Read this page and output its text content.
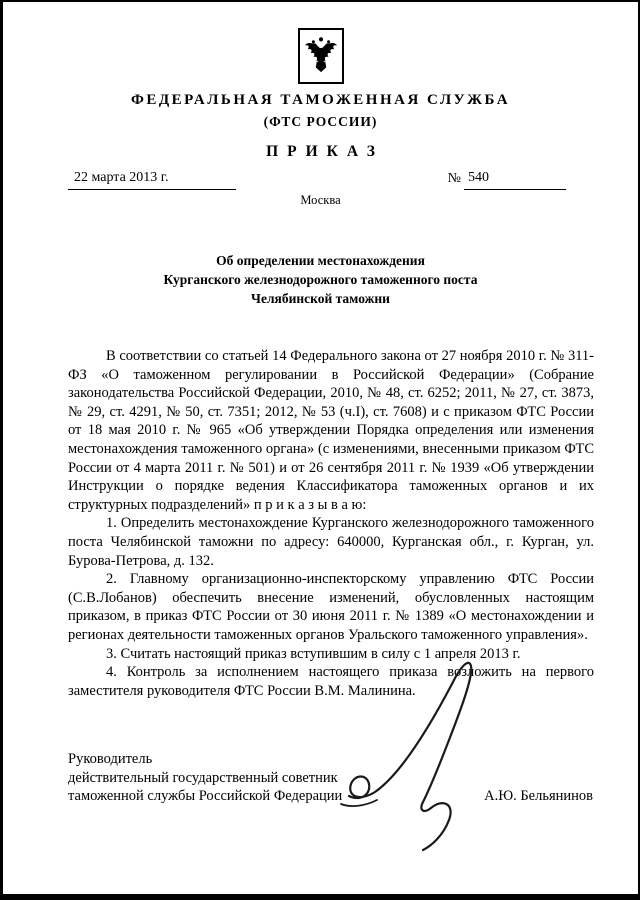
ФЕДЕРАЛЬНАЯ ТАМОЖЕННАЯ СЛУЖБА
(ФТС РОССИИ)
ПРИКАЗ
22 марта 2013 г.	№ 540
Москва
Об определении местонахождения
Курганского железнодорожного таможенного поста
Челябинской таможни

В соответствии со статьей 14 Федерального закона от 27 ноября 2010 г. № 311-ФЗ «О таможенном регулировании в Российской Федерации» (Собрание законодательства Российской Федерации, 2010, № 48, ст. 6252; 2011, № 27, ст. 3873, № 29, ст. 4291, № 50, ст. 7351; 2012, № 53 (ч.I), ст. 7608) и с приказом ФТС России от 18 мая 2010 г. № 965 «Об утверждении Порядка определения или изменения местонахождения таможенного органа» (с изменениями, внесенными приказом ФТС России от 4 марта 2011 г. № 501) и от 26 сентября 2011 г. № 1939 «Об утверждении Инструкции о порядке ведения Классификатора таможенных органов и их структурных подразделений» п р и к а з ы в а ю:

1. Определить местонахождение Курганского железнодорожного таможенного поста Челябинской таможни по адресу: 640000, Курганская обл., г. Курган, ул. Бурова-Петрова, д. 132.

2. Главному организационно-инспекторскому управлению ФТС России (С.В.Лобанов) обеспечить внесение изменений, обусловленных настоящим приказом, в приказ ФТС России от 30 июня 2011 г. № 1389 «О местонахождении и регионах деятельности таможенных органов Уральского таможенного управления».

3. Считать настоящий приказ вступившим в силу с 1 апреля 2013 г.

4. Контроль за исполнением настоящего приказа возложить на первого заместителя руководителя ФТС России В.М. Малинина.

Руководитель
действительный государственный советник
таможенной службы Российской Федерации	А.Ю. Бельянинов
